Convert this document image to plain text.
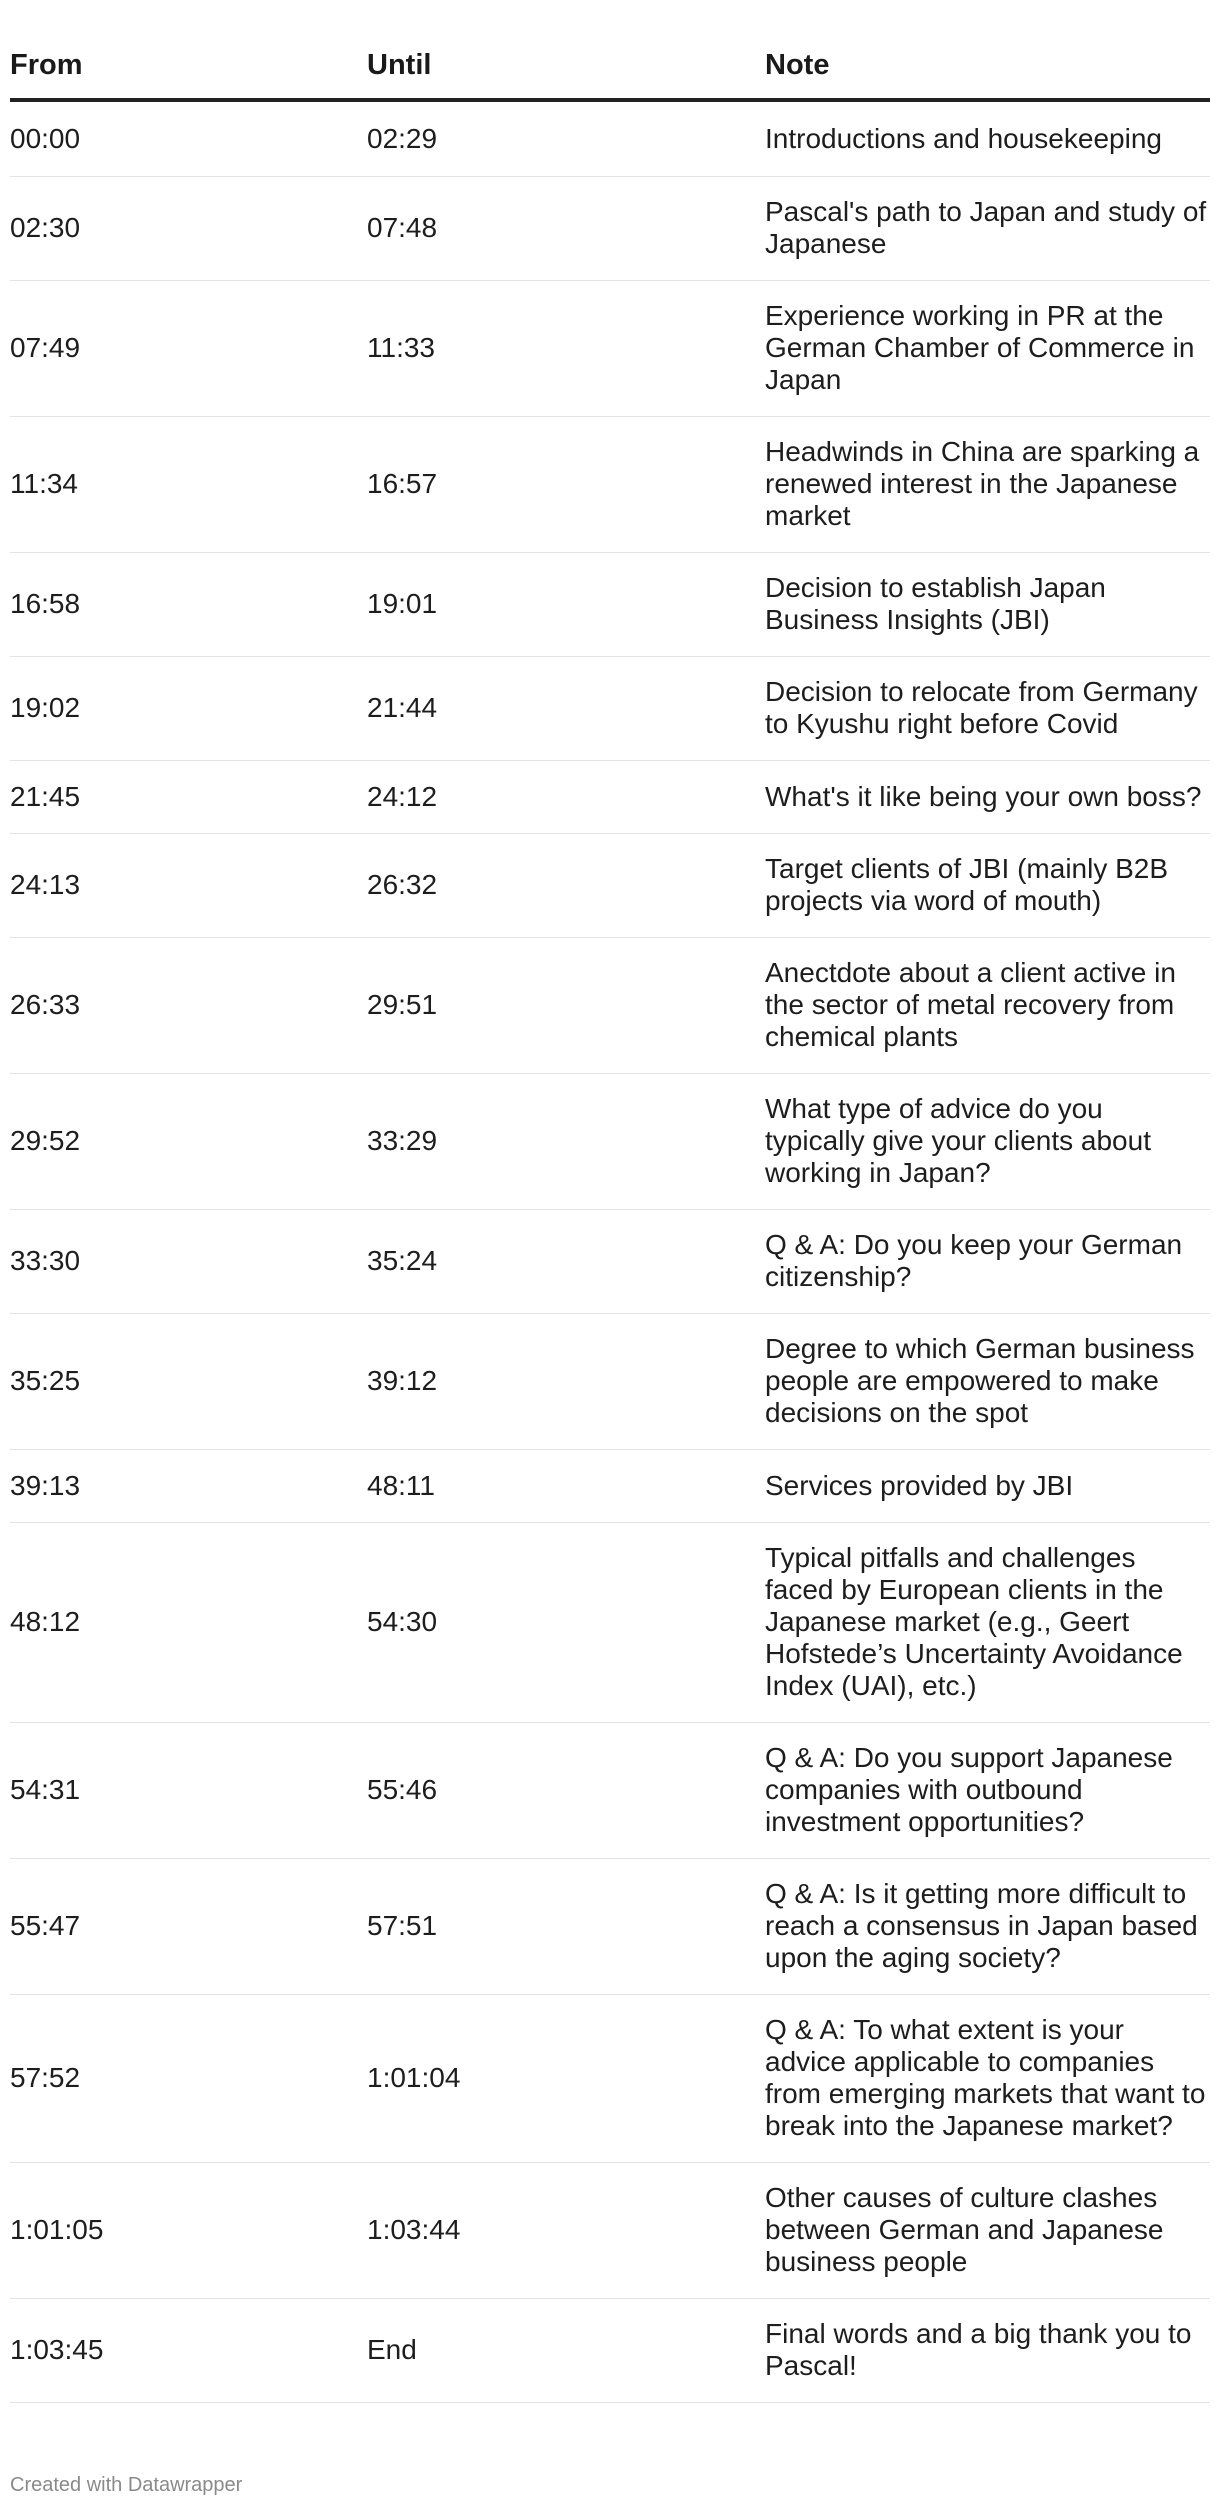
From	Until	Note
00:00	02:29	Introductions and housekeeping
02:30	07:48	Pascal's path to Japan and study of Japanese
07:49	11:33	Experience working in PR at the German Chamber of Commerce in Japan
11:34	16:57	Headwinds in China are sparking a renewed interest in the Japanese market
16:58	19:01	Decision to establish Japan Business Insights (JBI)
19:02	21:44	Decision to relocate from Germany to Kyushu right before Covid
21:45	24:12	What's it like being your own boss?
24:13	26:32	Target clients of JBI (mainly B2B projects via word of mouth)
26:33	29:51	Anectdote about a client active in the sector of metal recovery from chemical plants
29:52	33:29	What type of advice do you typically give your clients about working in Japan?
33:30	35:24	Q & A: Do you keep your German citizenship?
35:25	39:12	Degree to which German business people are empowered to make decisions on the spot
39:13	48:11	Services provided by JBI
48:12	54:30	Typical pitfalls and challenges faced by European clients in the Japanese market (e.g., Geert Hofstede’s Uncertainty Avoidance Index (UAI), etc.)
54:31	55:46	Q & A: Do you support Japanese companies with outbound investment opportunities?
55:47	57:51	Q & A: Is it getting more difficult to reach a consensus in Japan based upon the aging society?
57:52	1:01:04	Q & A: To what extent is your advice applicable to companies from emerging markets that want to break into the Japanese market?
1:01:05	1:03:44	Other causes of culture clashes between German and Japanese business people
1:03:45	End	Final words and a big thank you to Pascal!
Created with Datawrapper
